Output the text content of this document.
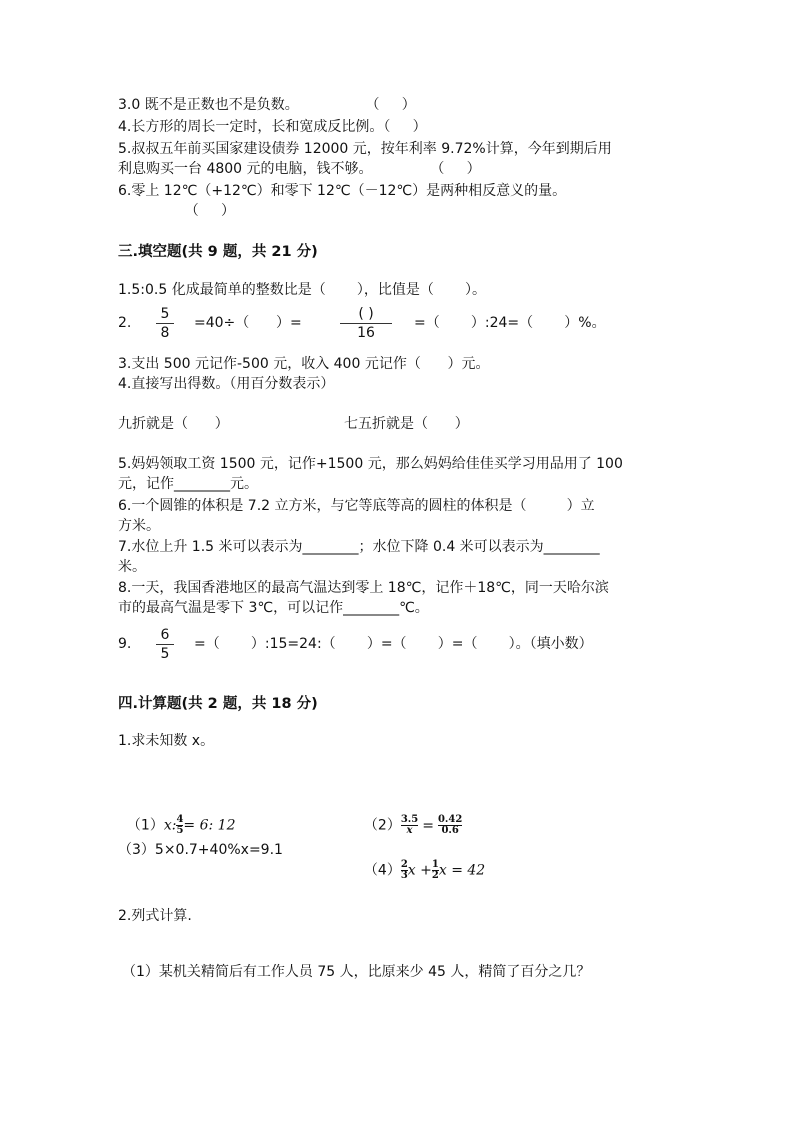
3.0 既不是正数也不是负数。               （     ）
4.长方形的周长一定时，长和宽成反比例。（     ）
5.叔叔五年前买国家建设债券 12000 元，按年利率 9.72%计算，今年到期后用
利息购买一台 4800 元的电脑，钱不够。             （     ）
6.零上 12℃（+12℃）和零下 12℃（－12℃）是两种相反意义的量。
（     ）
三.填空题(共 9 题，共 21 分)
1.5:0.5 化成最简单的整数比是（       ），比值是（       ）。
2.
5
8
=40÷（      ）=
( )
16
=（       ）:24=（       ）%。
3.支出 500 元记作-500 元，收入 400 元记作（      ）元。
4.直接写出得数。（用百分数表示）
九折就是（      ）	七五折就是（      ）
5.妈妈领取工资 1500 元，记作+1500 元，那么妈妈给佳佳买学习用品用了 100
元，记作________元。
6.一个圆锥的体积是 7.2 立方米，与它等底等高的圆柱的体积是（         ）立
方米。
7.水位上升 1.5 米可以表示为________；水位下降 0.4 米可以表示为________
米。
8.一天，我国香港地区的最高气温达到零上 18℃，记作＋18℃，同一天哈尔滨
市的最高气温是零下 3℃，可以记作________℃。
9.
6
5
=（       ）:15=24:（       ）=（       ）=（       ）。（填小数）
四.计算题(共 2 题，共 18 分)
1.求未知数 x。

（1）x: $\frac{4}{5} = 6$: 12	$(2) \frac{3.5}{x} = \frac{0.42}{0.6}$

（3）5×0.7+40%x=9.1

$(4) \frac{2}{3}$ $x + \frac{1}{2}$ x = 42

2.列式计算.
（1）某机关精简后有工作人员 75 人，比原来少 45 人，精简了百分之几？
